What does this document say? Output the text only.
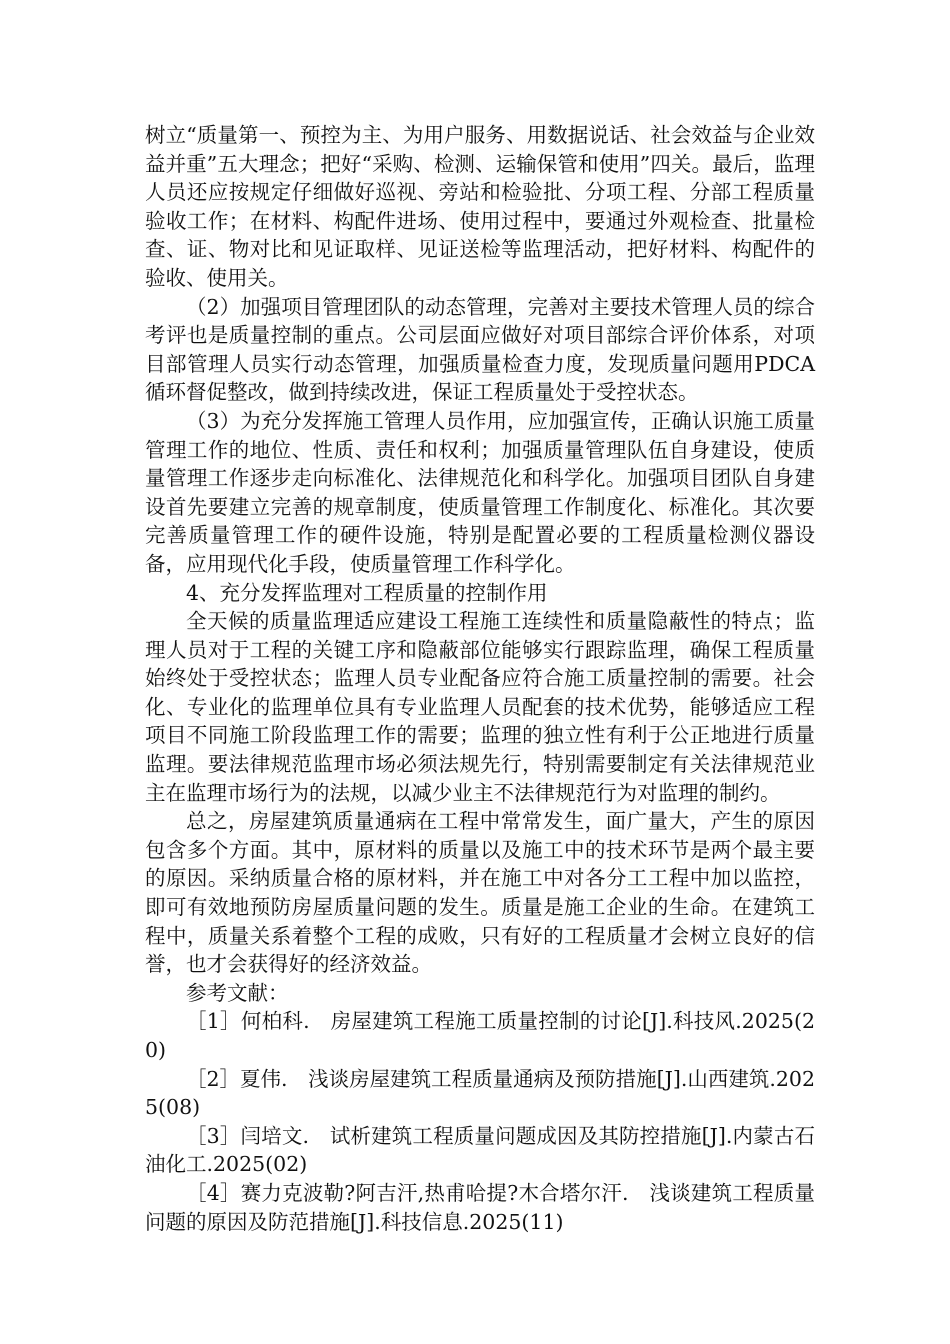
树立“质量第一、预控为主、为用户服务、用数据说话、社会效益与企业效益并重”五大理念；把好“采购、检测、运输保管和使用”四关。最后，监理人员还应按规定仔细做好巡视、旁站和检验批、分项工程、分部工程质量验收工作；在材料、构配件进场、使用过程中，要通过外观检查、批量检查、证、物对比和见证取样、见证送检等监理活动，把好材料、构配件的验收、使用关。

（2）加强项目管理团队的动态管理，完善对主要技术管理人员的综合考评也是质量控制的重点。公司层面应做好对项目部综合评价体系，对项目部管理人员实行动态管理，加强质量检查力度，发现质量问题用PDCA循环督促整改，做到持续改进，保证工程质量处于受控状态。

（3）为充分发挥施工管理人员作用，应加强宣传，正确认识施工质量管理工作的地位、性质、责任和权利；加强质量管理队伍自身建设，使质量管理工作逐步走向标准化、法律规范化和科学化。加强项目团队自身建设首先要建立完善的规章制度，使质量管理工作制度化、标准化。其次要完善质量管理工作的硬件设施，特别是配置必要的工程质量检测仪器设备，应用现代化手段，使质量管理工作科学化。

4、充分发挥监理对工程质量的控制作用

全天候的质量监理适应建设工程施工连续性和质量隐蔽性的特点；监理人员对于工程的关键工序和隐蔽部位能够实行跟踪监理，确保工程质量始终处于受控状态；监理人员专业配备应符合施工质量控制的需要。社会化、专业化的监理单位具有专业监理人员配套的技术优势，能够适应工程项目不同施工阶段监理工作的需要；监理的独立性有利于公正地进行质量监理。要法律规范监理市场必须法规先行，特别需要制定有关法律规范业主在监理市场行为的法规，以减少业主不法律规范行为对监理的制约。

总之，房屋建筑质量通病在工程中常常发生，面广量大，产生的原因包含多个方面。其中，原材料的质量以及施工中的技术环节是两个最主要的原因。采纳质量合格的原材料，并在施工中对各分工工程中加以监控，即可有效地预防房屋质量问题的发生。质量是施工企业的生命。在建筑工程中，质量关系着整个工程的成败，只有好的工程质量才会树立良好的信誉，也才会获得好的经济效益。

参考文献：

［1］何柏科.　房屋建筑工程施工质量控制的讨论[J].科技风.2025(20)

［2］夏伟.　浅谈房屋建筑工程质量通病及预防措施[J].山西建筑.2025(08)

［3］闫培文.　试析建筑工程质量问题成因及其防控措施[J].内蒙古石油化工.2025(02)

［4］赛力克波勒?阿吉汗,热甫哈提?木合塔尔汗.　浅谈建筑工程质量问题的原因及防范措施[J].科技信息.2025(11)
